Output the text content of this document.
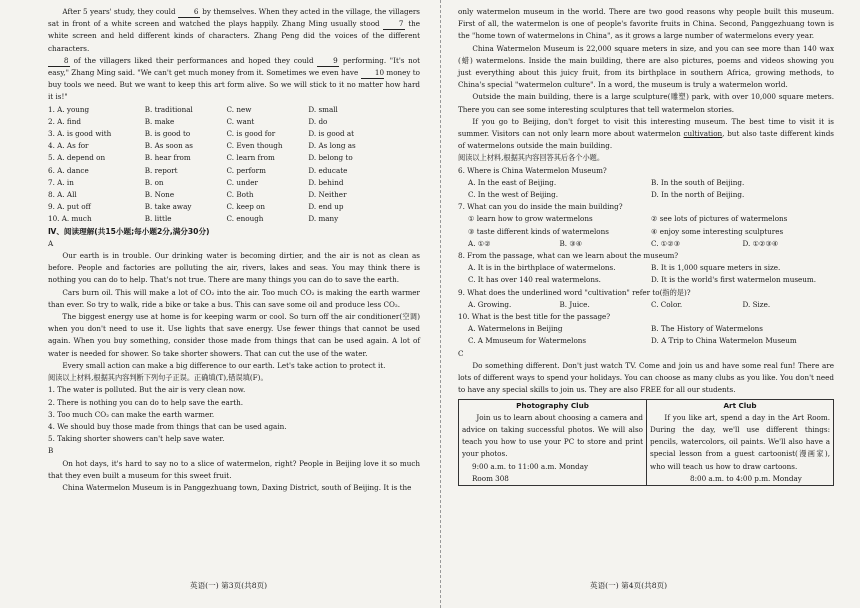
After 5 years' study, they could	6 by themselves. When they acted in the village, the villagers sat in front of a white screen and watched the plays happily. Zhang Ming usually stood	7 the white screen and held different kinds of characters. Zhang Peng did the voices of the different characters.
8 of the villagers liked their performances and hoped they could	9 performing. "It's not easy," Zhang Ming said. "We can't get much money from it. Sometimes we even have 10 money to buy tools we need. But we want to keep this art form alive. So we will stick to it no matter how hard it is!"

1. A. young	B. traditional	C. new	D. small
2. A. find	B. make	C. want	D. do
3. A. is good with	B. is good to	C. is good for	D. is good at
4. A. As for	B. As soon as	C. Even though	D. As long as
5. A. depend on	B. hear from	C. learn from	D. belong to
6. A. dance	B. report	C. perform	D. educate
7. A. in	B. on	C. under	D. behind
8. A. All	B. None	C. Both	D. Neither
9. A. put off	B. take away	C. keep on	D. end up
10. A. much	B. little	C. enough	D. many

Ⅳ、阅读理解(共15小题;每小题2分,满分30分)

A

Our earth is in trouble. Our drinking water is becoming dirtier, and the air is not as clean as before. People and factories are polluting the air, rivers, lakes and seas. You may think there is nothing you can do to help. That's not true. There are many things you can do to save the earth.

Cars burn oil. This will make a lot of CO₂ into the air. Too much CO₂ is making the earth warmer than ever. So try to walk, ride a bike or take a bus. This can save some oil and produce less CO₂.

The biggest energy use at home is for keeping warm or cool. So turn off the air conditioner(空调) when you don't need to use it. Use lights that save energy. Use fewer things that cannot be used again. When you buy something, consider those made from things that can be used again. A lot of water is needed for shower. So take shorter showers. That can cut the use of the water.

Every small action can make a big difference to our earth. Let's take action to protect it.

阅读以上材料,根据其内容判断下列句子正误。正确填(T),错误填(F)。

1. The water is polluted. But the air is very clean now.

2. There is nothing you can do to help save the earth.

3. Too much CO₂ can make the earth warmer.

4. We should buy those made from things that can be used again.

5. Taking shorter showers can't help save water.

B

On hot days, it's hard to say no to a slice of watermelon, right? People in Beijing love it so much that they even built a museum for this sweet fruit.

China Watermelon Museum is in Panggezhuang town, Daxing District, south of Beijing. It is the

only watermelon museum in the world. There are two good reasons why people built this museum. First of all, the watermelon is one of people's favorite fruits in China. Second, Panggezhuang town is the "home town of watermelons in China", as it grows a large number of watermelons every year.

China Watermelon Museum is 22,000 square meters in size, and you can see more than 140 wax (蜡) watermelons. Inside the main building, there are also pictures, poems and videos showing you just everything about this juicy fruit, from its birthplace in southern Africa, growing methods, to China's special "watermelon culture". In a word, the museum is truly a watermelon world.

Outside the main building, there is a large sculpture(雕塑) park, with over 10,000 square meters. There you can see some interesting sculptures that tell watermelon stories.

If you go to Beijing, don't forget to visit this interesting museum. The best time to visit it is summer. Visitors can not only learn more about watermelon cultivation, but also taste different kinds of watermelons outside the main building.

阅读以上材料,根据其内容回答其后各个小题。

6. Where is China Watermelon Museum?

A. In the east of Beijing.	B. In the south of Beijing.
C. In the west of Beijing.	D. In the north of Beijing.

7. What can you do inside the main building?

① learn how to grow watermelons	② see lots of pictures of watermelons
③ taste different kinds of watermelons	④ enjoy some interesting sculptures
A. ①②	B. ③④	C. ①②③	D. ①②③④

8. From the passage, what can we learn about the museum?

A. It is in the birthplace of watermelons.	B. It is 1,000 square meters in size.
C. It has over 140 real watermelons.	D. It is the world's first watermelon museum.

9. What does the underlined word "cultivation" refer to(指的是)?

A. Growing.	B. Juice.	C. Color.	D. Size.

10. What is the best title for the passage?

A. Watermelons in Beijing	B. The History of Watermelons
C. A Mmuseum for Watermelons	D. A Trip to China Watermelon Museum

C

Do something different. Don't just watch TV. Come and join us and have some real fun! There are lots of different ways to spend your holidays. You can choose as many clubs as you like. You don't need to have any special skills to join us. They are also FREE for all our students.

Photography Club

Join us to learn about choosing a camera and advice on taking successful photos. We will also teach you how to use your PC to store and print your photos.

9:00 a.m. to 11:00 a.m. Monday
Room 308
Art Club

If you like art, spend a day in the Art Room. During the day, we'll use different things: pencils, watercolors, oil paints. We'll also have a special lesson from a guest cartoonist(漫画家), who will teach us how to draw cartoons.

8:00 a.m. to 4:00 p.m. Monday
英语(一) 第3页(共8页)	英语(一) 第4页(共8页)
